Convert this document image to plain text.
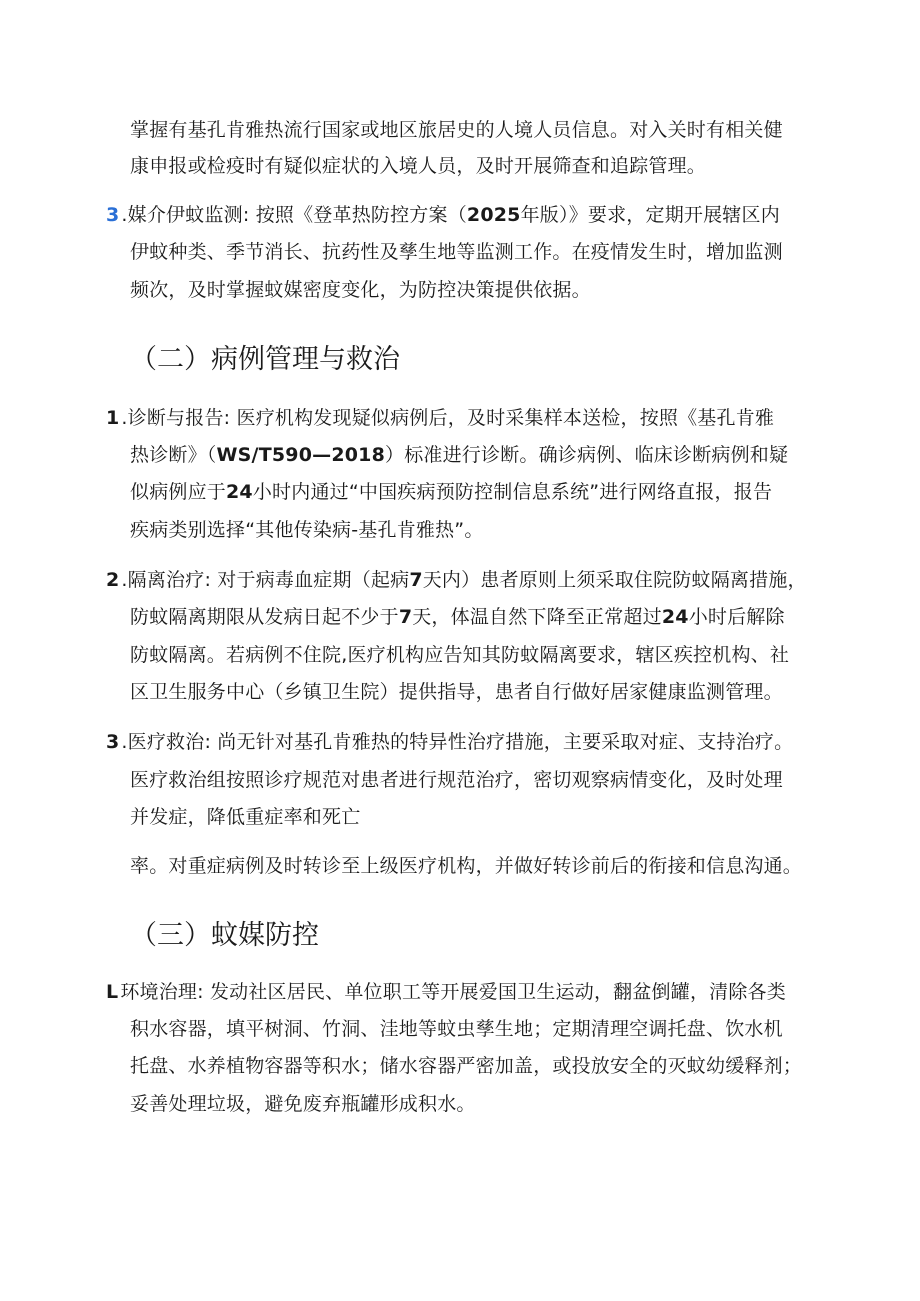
掌握有基孔肯雅热流行国家或地区旅居史的人境人员信息。对入关时有相关健
康申报或检疫时有疑似症状的入境人员，及时开展筛查和追踪管理。
3 .媒介伊蚊监测: 按照《登革热防控方案（2025年版）》要求，定期开展辖区内
伊蚊种类、季节消长、抗药性及孳生地等监测工作。在疫情发生时，增加监测
频次，及时掌握蚊媒密度变化，为防控决策提供依据。
（二）病例管理与救治
1 .诊断与报告: 医疗机构发现疑似病例后，及时采集样本送检，按照《基孔肯雅
热诊断》（WS/T590—2018）标准进行诊断。确诊病例、临床诊断病例和疑
似病例应于24小时内通过“中国疾病预防控制信息系统”进行网络直报，报告
疾病类别选择“其他传染病-基孔肯雅热”。
2 .隔离治疗: 对于病毒血症期（起病7天内）患者原则上须采取住院防蚊隔离措施，
防蚊隔离期限从发病日起不少于7天，体温自然下降至正常超过24小时后解除
防蚊隔离。若病例不住院,医疗机构应告知其防蚊隔离要求，辖区疾控机构、社
区卫生服务中心（乡镇卫生院）提供指导，患者自行做好居家健康监测管理。
3 .医疗救治: 尚无针对基孔肯雅热的特异性治疗措施，主要采取对症、支持治疗。
医疗救治组按照诊疗规范对患者进行规范治疗，密切观察病情变化，及时处理
并发症，降低重症率和死亡
率。对重症病例及时转诊至上级医疗机构，并做好转诊前后的衔接和信息沟通。
（三）蚊媒防控
L 环境治理: 发动社区居民、单位职工等开展爱国卫生运动，翻盆倒罐，清除各类
积水容器，填平树洞、竹洞、洼地等蚊虫孳生地；定期清理空调托盘、饮水机
托盘、水养植物容器等积水；储水容器严密加盖，或投放安全的灭蚊幼缓释剂；
妥善处理垃圾，避免废弃瓶罐形成积水。
